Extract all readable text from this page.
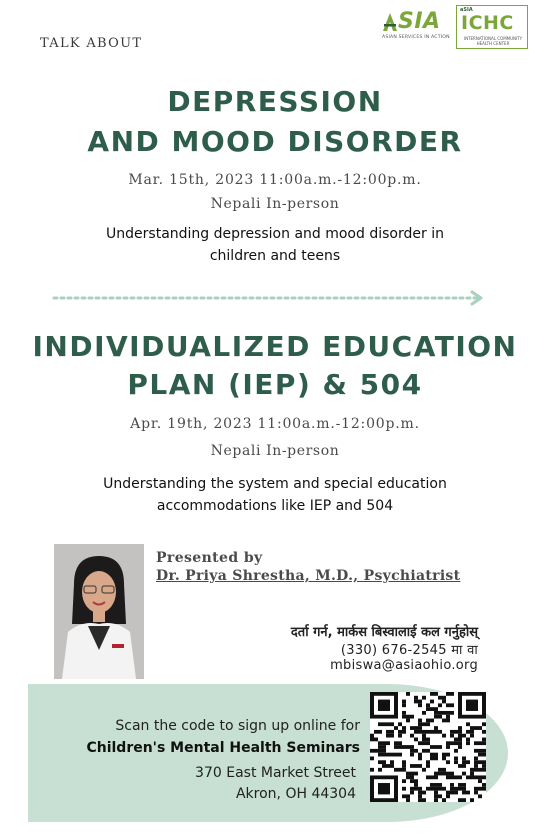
TALK ABOUT
SIA
ASIAN SERVICES IN ACTION
aSIA
ICHC
INTERNATIONAL COMMUNITY HEALTH CENTER
DEPRESSION
AND MOOD DISORDER
Mar. 15th, 2023 11:00a.m.-12:00p.m.
Nepali In-person
Understanding depression and mood disorder in
children and teens
INDIVIDUALIZED EDUCATION
PLAN (IEP) & 504
Apr. 19th, 2023 11:00a.m.-12:00p.m.
Nepali In-person
Understanding the system and special education
accommodations like IEP and 504
Presented by
Dr. Priya Shrestha, M.D., Psychiatrist
दर्ता गर्न, मार्कस बिस्वालाई कल गर्नुहोस्
(330) 676-2545 मा वा
mbiswa@asiaohio.org
Scan the code to sign up online for
Children's Mental Health Seminars
370 East Market Street
Akron, OH 44304
